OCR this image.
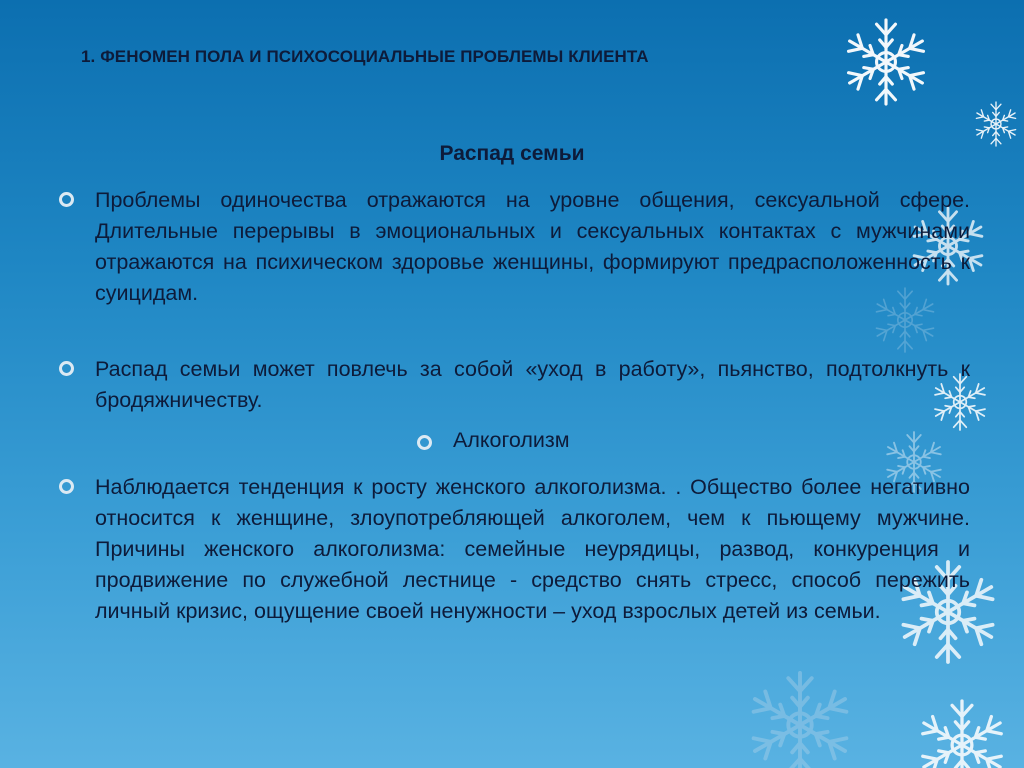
1. ФЕНОМЕН ПОЛА И ПСИХОСОЦИАЛЬНЫЕ ПРОБЛЕМЫ КЛИЕНТА
Распад семьи
Проблемы одиночества отражаются на уровне общения, сексуальной сфере. Длительные перерывы в эмоциональных и сексуальных контактах с мужчинами отражаются на психическом здоровье женщины, формируют предрасположенность к суицидам.
Распад семьи может повлечь за собой «уход в работу», пьянство, подтолкнуть к бродяжничеству.
Алкоголизм
Наблюдается тенденция к росту женского алкоголизма. . Общество более негативно относится к женщине, злоупотребляющей алкоголем, чем к пьющему мужчине. Причины женского алкоголизма: семейные неурядицы, развод, конкуренция и продвижение по служебной лестнице - средство снять стресс, способ пережить личный кризис, ощущение своей ненужности – уход взрослых детей из семьи.
